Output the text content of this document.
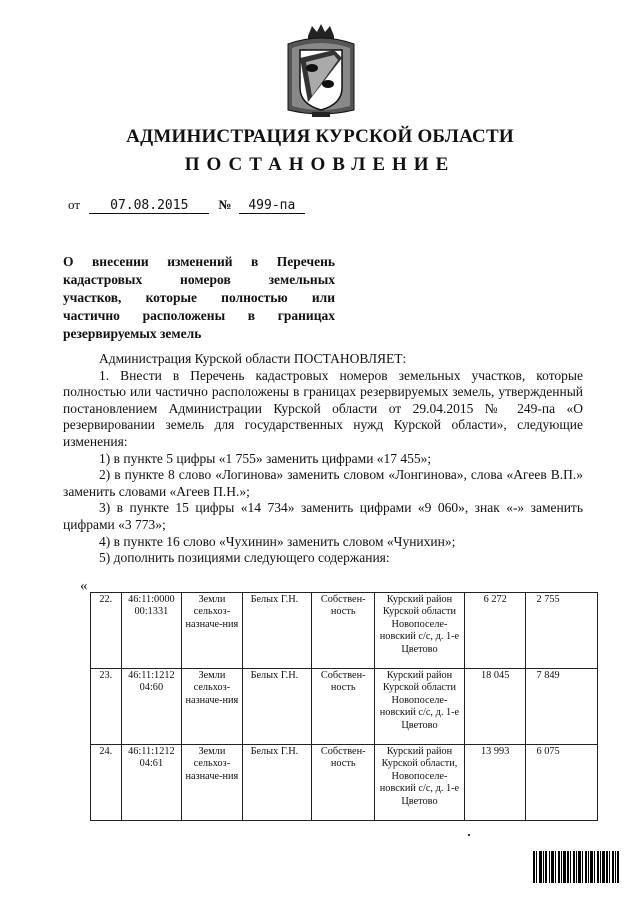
АДМИНИСТРАЦИЯ КУРСКОЙ ОБЛАСТИ
ПОСТАНОВЛЕНИЕ
от 07.08.2015 № 499-па
О внесении изменений в Перечень
кадастровых номеров земельных
участков, которые полностью или
частично расположены в границах
резервируемых земель

Администрация Курской области ПОСТАНОВЛЯЕТ:

1. Внести в Перечень кадастровых номеров земельных участков, которые полностью или частично расположены в границах резервируемых земель, утвержденный постановлением Администрации Курской области от 29.04.2015 № 249-па «О резервировании земель для государственных нужд Курской области», следующие изменения:

1) в пункте 5 цифры «1 755» заменить цифрами «17 455»;

2) в пункте 8 слово «Логинова» заменить словом «Лонгинова», слова «Агеев В.П.» заменить словами «Агеев П.Н.»;

3) в пункте 15 цифры «14 734» заменить цифрами «9 060», знак «-» заменить цифрами «3 773»;

4) в пункте 16 слово «Чухинин» заменить словом «Чунихин»;

5) дополнить позициями следующего содержания:

«
22.	46:11:0000 00:1331	Земли сельхоз-назначе-ния	Белых Г.Н.	Собствен-ность	Курский район Курской области Новопоселе-новский с/с, д. 1-е Цветово	6 272	2 755
23.	46:11:1212 04:60	Земли сельхоз-назначе-ния	Белых Г.Н.	Собствен-ность	Курский район Курской области Новопоселе-новский с/с, д. 1-е Цветово	18 045	7 849
24.	46:11:1212 04:61	Земли сельхоз-назначе-ния	Белых Г.Н.	Собствен-ность	Курский район Курской области, Новопоселе-новский с/с, д. 1-е Цветово	13 993	6 075
